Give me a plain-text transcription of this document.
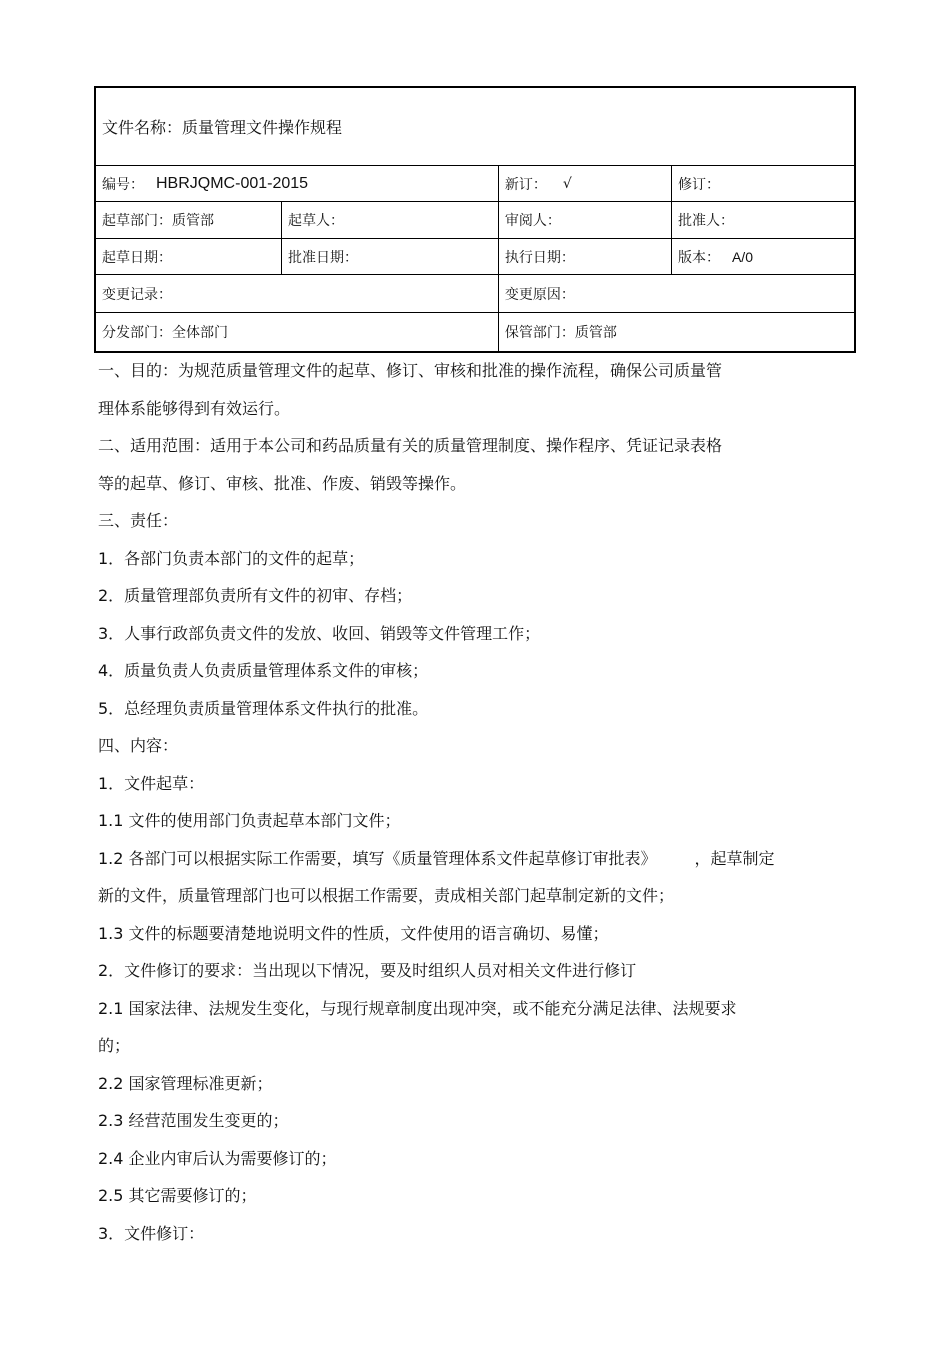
文件名称：质量管理文件操作规程
编号： HBRJQMC-001-2015	新订： √	修订：
起草部门：质管部	起草人：	审阅人：	批准人：
起草日期：	批准日期：	执行日期：	版本： A/0
变更记录：	变更原因：
分发部门：全体部门	保管部门：质管部
一、目的：为规范质量管理文件的起草、修订、审核和批准的操作流程，确保公司质量管
理体系能够得到有效运行。
二、适用范围：适用于本公司和药品质量有关的质量管理制度、操作程序、凭证记录表格
等的起草、修订、审核、批准、作废、销毁等操作。
三、责任：
1．各部门负责本部门的文件的起草；
2．质量管理部负责所有文件的初审、存档；
3．人事行政部负责文件的发放、收回、销毁等文件管理工作；
4．质量负责人负责质量管理体系文件的审核；
5．总经理负责质量管理体系文件执行的批准。
四、内容：
1．文件起草：
1.1 文件的使用部门负责起草本部门文件；
1.2 各部门可以根据实际工作需要，填写《质量管理体系文件起草修订审批表》 ，起草制定
新的文件，质量管理部门也可以根据工作需要，责成相关部门起草制定新的文件；
1.3 文件的标题要清楚地说明文件的性质，文件使用的语言确切、易懂；
2．文件修订的要求：当出现以下情况，要及时组织人员对相关文件进行修订
2.1 国家法律、法规发生变化，与现行规章制度出现冲突，或不能充分满足法律、法规要求
的；
2.2 国家管理标准更新；
2.3 经营范围发生变更的；
2.4 企业内审后认为需要修订的；
2.5 其它需要修订的；
3．文件修订：
